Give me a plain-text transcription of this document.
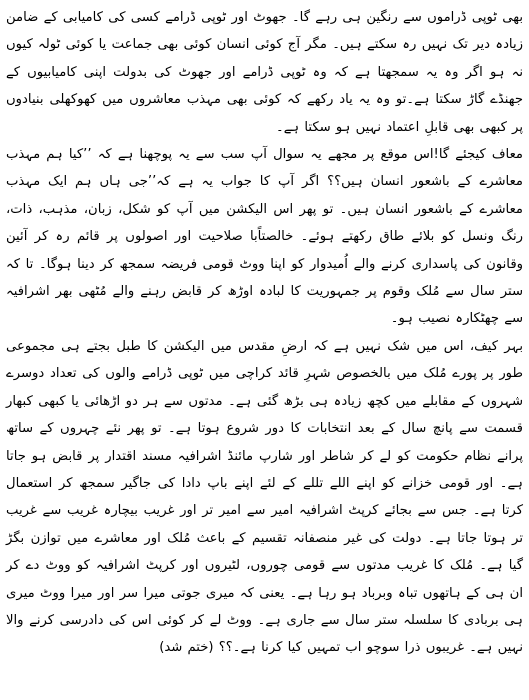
بھی ٹوپی ڈراموں سے رنگین ہی رہے گا۔ جھوٹ اور ٹوپی ڈرامے کسی کی کامیابی کے ضامن زیادہ دیر تک نہیں رہ سکتے ہیں۔ مگر آج کوئی انسان کوئی بھی جماعت یا کوئی ٹولہ کیوں نہ ہو اگر وہ یہ سمجھتا ہے کہ وہ ٹوپی ڈرامے اور جھوٹ کی بدولت اپنی کامیابیوں کے جھنڈے گاڑ سکتا ہے۔تو وہ یہ یاد رکھے کہ کوئی بھی مہذب معاشروں میں کھوکھلی بنیادوں پر کبھی بھی قابلِ اعتماد نہیں ہو سکتا ہے۔

معاف کیجئے گا!اس موقع پر مجھے یہ سوال آپ سب سے یہ پوچھنا ہے کہ ’’کیا ہم مہذب معاشرے کے باشعور انسان ہیں؟؟ اگر آپ کا جواب یہ ہے کہ’’جی ہاں ہم ایک مہذب معاشرے کے باشعور انسان ہیں۔ تو پھر اس الیکشن میں آپ کو شکل، زبان، مذہب، ذات، رنگ ونسل کو بلائے طاق رکھتے ہوئے۔ خالصتاًبا صلاحیت اور اصولوں پر قائم رہ کر آئین وقانون کی پاسداری کرنے والے اُمیدوار کو اپنا ووٹ قومی فریضہ سمجھ کر دینا ہوگا۔ تا کہ ستر سال سے مُلک وقوم پر جمہوریت کا لبادہ اوڑھ کر قابض رہنے والے مُٹھی بھر اشرافیہ سے چھٹکارہ نصیب ہو۔

بہر کیف، اس میں شک نہیں ہے کہ ارضِ مقدس میں الیکشن کا طبل بجتے ہی مجموعی طور پر پورے مُلک میں بالخصوص شہرِ قائد کراچی میں ٹوپی ڈرامے والوں کی تعداد دوسرے شہروں کے مقابلے میں کچھ زیادہ ہی بڑھ گئی ہے۔ مدتوں سے ہر دو اڑھائی یا کبھی کبھار قسمت سے پانچ سال کے بعد انتخابات کا دور شروع ہوتا ہے۔ تو پھر نئے چہروں کے ساتھ پرانے نظام حکومت کو لے کر شاطر اور شارپ مائنڈ اشرافیہ مسند اقتدار پر قابض ہو جاتا ہے۔ اور قومی خزانے کو اپنے اللے تللے کے لئے اپنے باپ دادا کی جاگیر سمجھ کر استعمال کرتا ہے۔ جس سے بجائے کرپٹ اشرافیہ امیر سے امیر تر اور غریب بیچارہ غریب سے غریب تر ہوتا جاتا ہے۔ دولت کی غیر منصفانہ تقسیم کے باعث مُلک اور معاشرے میں توازن بگڑ گیا ہے۔ مُلک کا غریب مدتوں سے قومی چوروں، لٹیروں اور کرپٹ اشرافیہ کو ووٹ دے کر ان ہی کے ہاتھوں تباہ وبرباد ہو رہا ہے۔ یعنی کہ میری جوتی میرا سر اور میرا ووٹ میری ہی بربادی کا سلسلہ ستر سال سے جاری ہے۔ ووٹ لے کر کوئی اس کی دادرسی کرنے والا نہیں ہے۔ غریبوں ذرا سوچو اب تمہیں کیا کرنا ہے۔؟؟ (ختم شد)
